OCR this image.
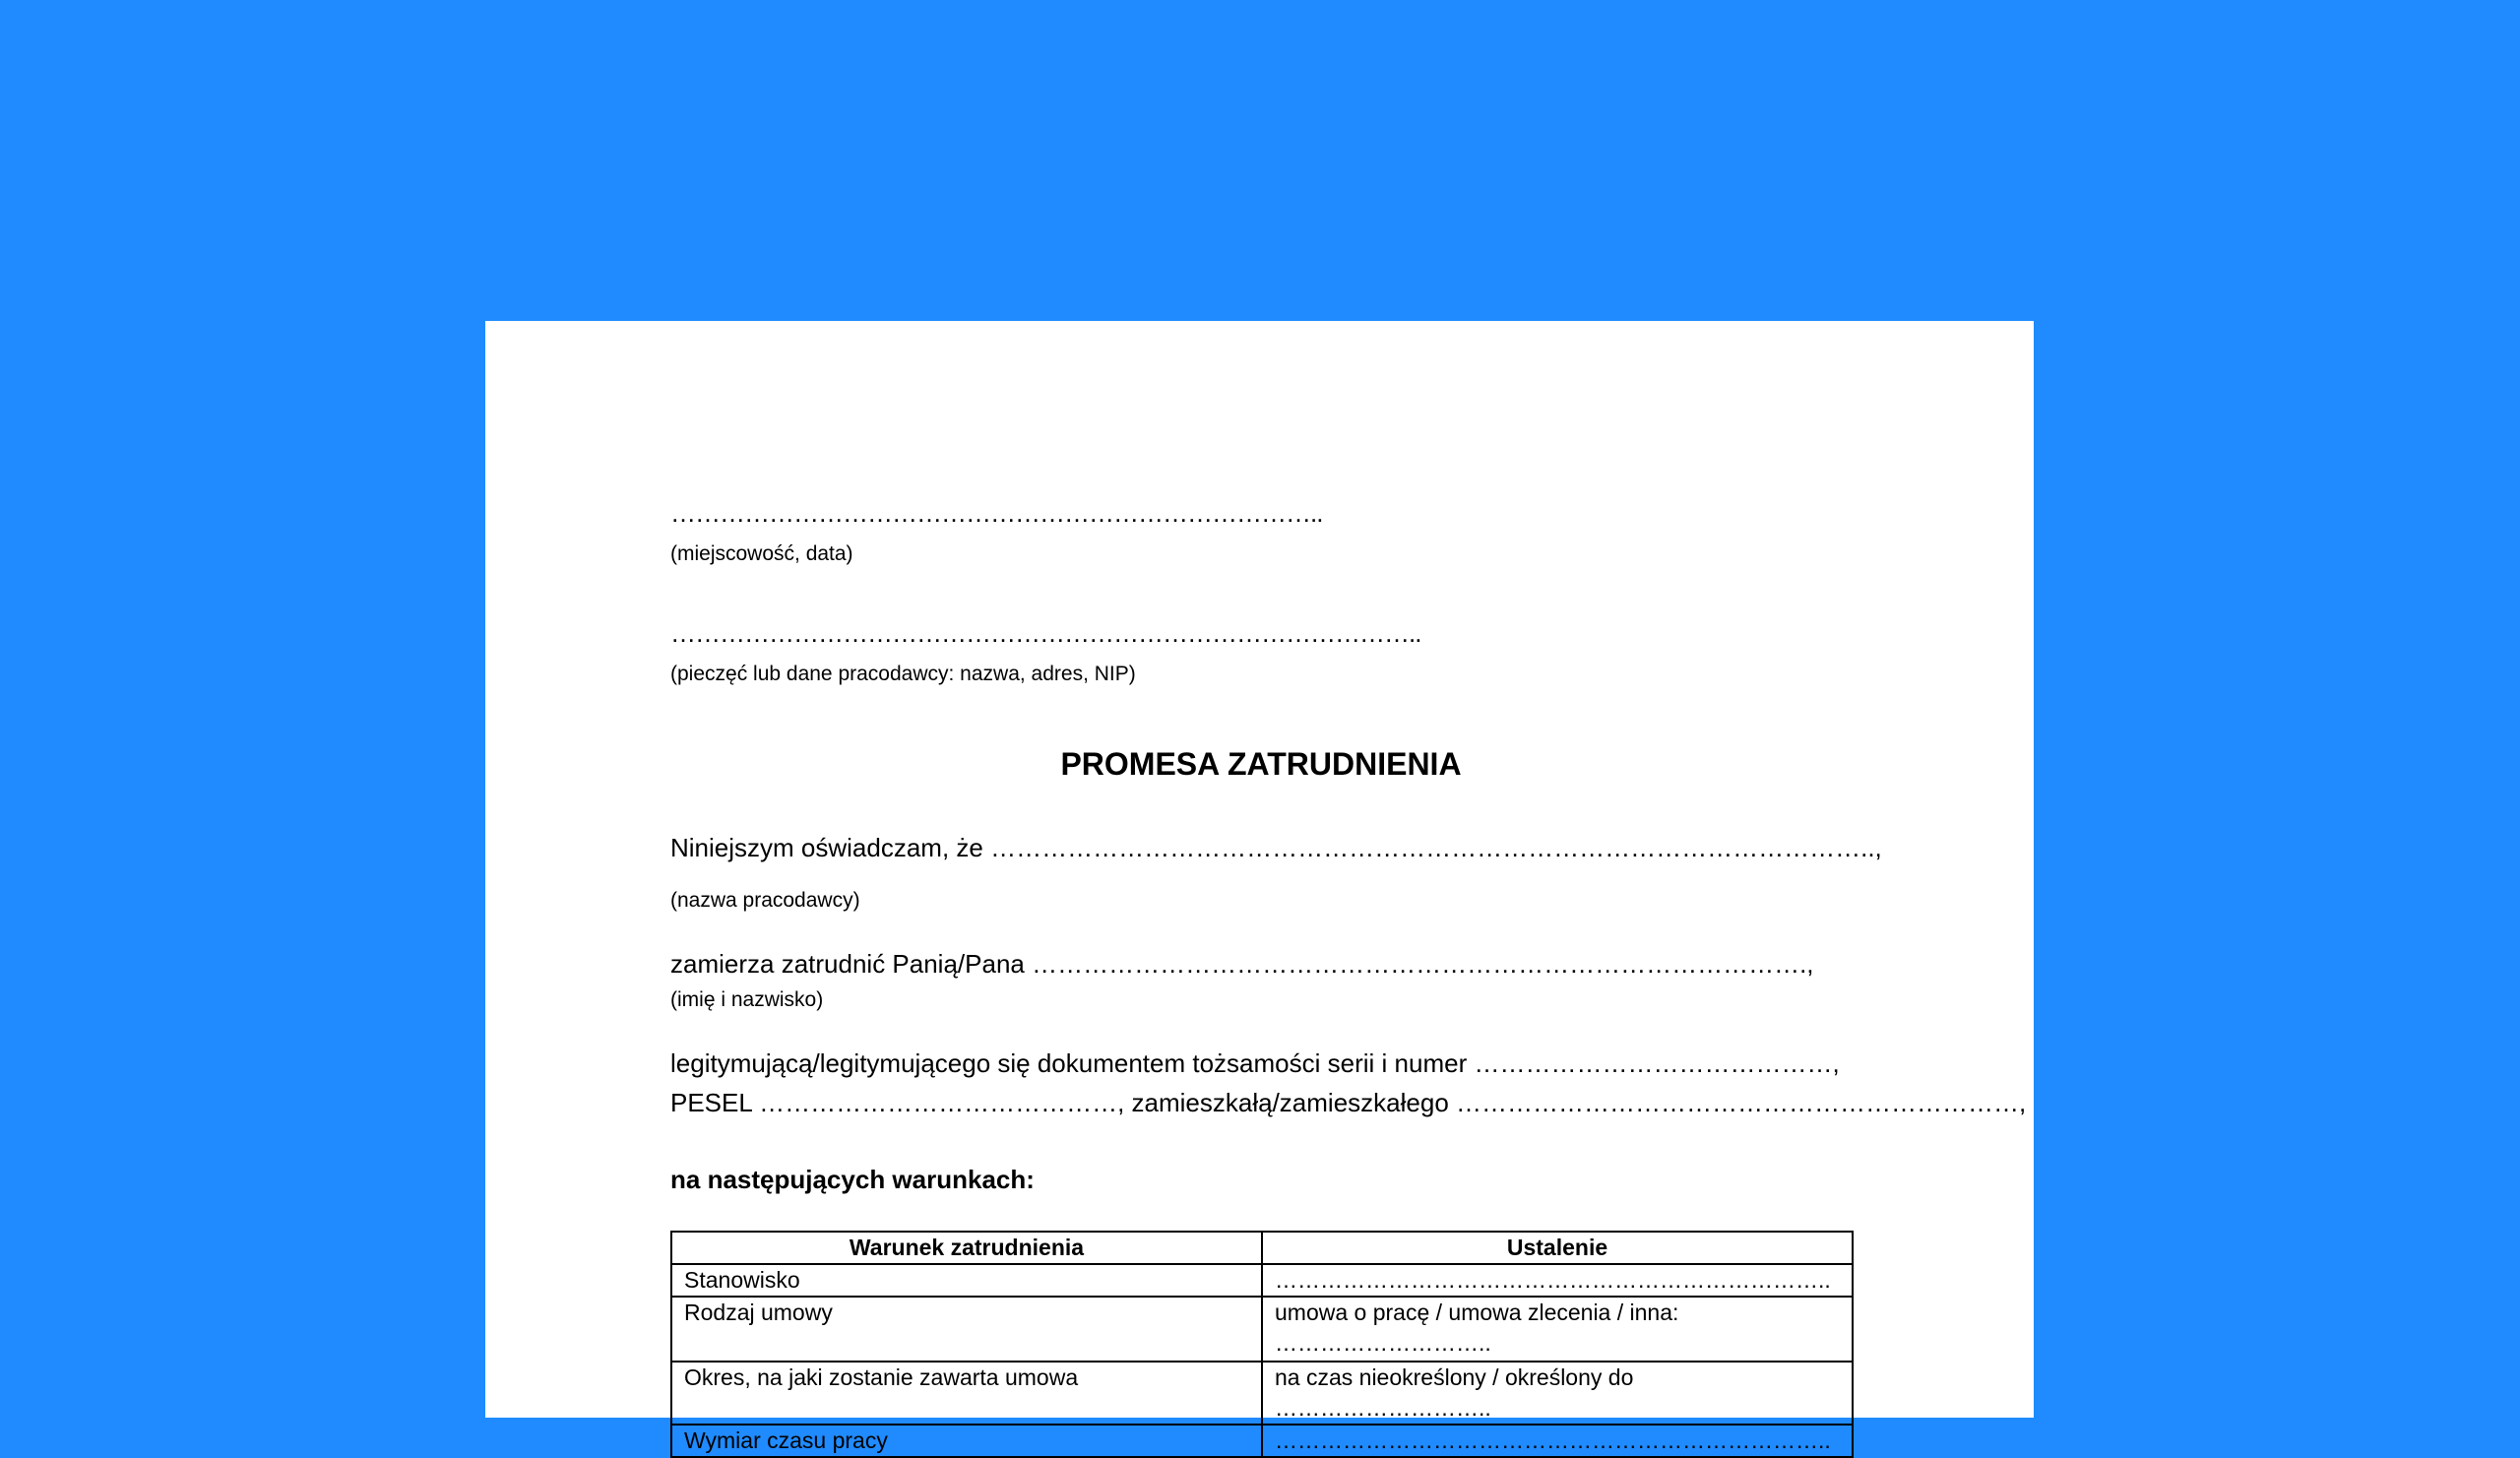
……………………………………………………………………..
(miejscowość, data)
………………………………………………………………………………..
(pieczęć lub dane pracodawcy: nazwa, adres, NIP)
PROMESA ZATRUDNIENIA
Niniejszym oświadczam, że …………………………………………………………………………………………..,
(nazwa pracodawcy)
zamierza zatrudnić Panią/Pana ……………………………………………………………………………….,
(imię i nazwisko)
legitymującą/legitymującego się dokumentem tożsamości serii i numer ……………………………………,
PESEL ……………………………………, zamieszkałą/zamieszkałego …………………………………………………………,
na następujących warunkach:
Warunek zatrudnienia	Ustalenie
Stanowisko	………………………………………………………………..
Rodzaj umowy	umowa o pracę / umowa zlecenia / inna: ………………………..
Okres, na jaki zostanie zawarta umowa	na czas nieokreślony / określony do ………………………..
Wymiar czasu pracy	………………………………………………………………..
